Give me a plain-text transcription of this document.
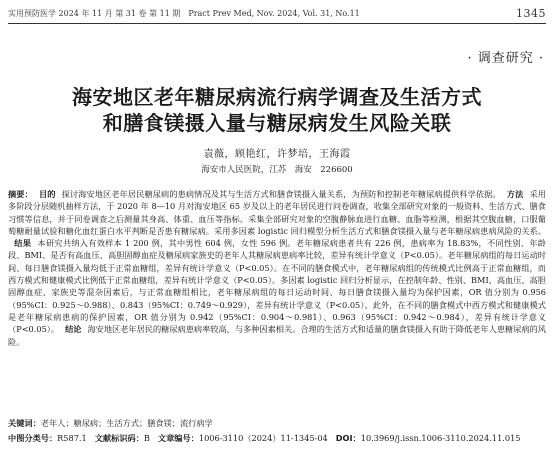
实用预防医学 2024 年 11 月 第 31 卷 第 11 期　Pract Prev Med, Nov. 2024, Vol. 31, No.11	1345
· 调查研究 ·
海安地区老年糖尿病流行病学调查及生活方式
和膳食镁摄入量与糖尿病发生风险关联
袁薇，顾艳红，许梦培，王海霞
海安市人民医院，江苏　海安　226600

摘要： 目的 探讨海安地区老年居民糖尿病的患病情况及其与生活方式和膳食镁摄入量关系，为预防和控制老年糖尿病提供科学依据。 方法 采用多阶段分层随机抽样方法，于 2020 年 8—10 月对海安地区 65 岁及以上的老年居民进行问卷调查，收集全部研究对象的一般资料、生活方式、膳食习惯等信息，并于同卷调查之后测量其身高、体重、血压等指标。采集全部研究对象的空腹静脉血进行血糖、血脂等检测，根据其空腹血糖，口服葡萄糖耐量试验和糖化血红蛋白水平判断是否患有糖尿病。采用多因素 logistic 回归模型分析生活方式和膳食镁摄入量与老年糖尿病患病风险的关系。结果 本研究共纳入有效样本 1 200 例，其中男性 604 例，女性 596 例。老年糖尿病患者共有 226 例，患病率为 18.83%，不同性别、年龄段、BMI、是否有高血压、高胆固醇血症及糖尿病家族史的老年人其糖尿病患病率比较，差异有统计学意义（P<0.05）。老年糖尿病组的每日运动时间、每日膳食镁摄入量均低于正常血糖组，差异有统计学意义（P<0.05）。在不同的膳食模式中，老年糖尿病组的传统模式比例高于正常血糖组，而西方模式和健康模式比例低于正常血糖组，差异有统计学意义（P<0.05）。多因素 logistic 回归分析显示，在控制年龄、性别、BMI、高血压、高胆固醇血症、家族史等混杂因素后，与正常血糖组相比，老年糖尿病组的每日运动时间、每日膳食镁摄入量均为保护因素，OR 值分别为 0.956（95%CI：0.925～0.988）、0.843（95%CI：0.749～0.929），差异有统计学意义（P<0.05）。此外，在不同的膳食模式中西方模式和健康模式是老年糖尿病患病的保护因素，OR 值分别为 0.942（95%CI：0.904～0.981）、0.963（95%CI：0.942～0.984），差异有统计学意义（P<0.05）。 结论 海安地区老年居民的糖尿病患病率较高，与多种因素相关。合理的生活方式和适量的膳食镁摄入有助于降低老年人患糖尿病的风险。

关键词：老年人；糖尿病；生活方式；膳食镁；流行病学
中图分类号：R587.1 文献标识码：B 文章编号：1006-3110（2024）11-1345-04 DOI：10.3969/j.issn.1006-3110.2024.11.015
